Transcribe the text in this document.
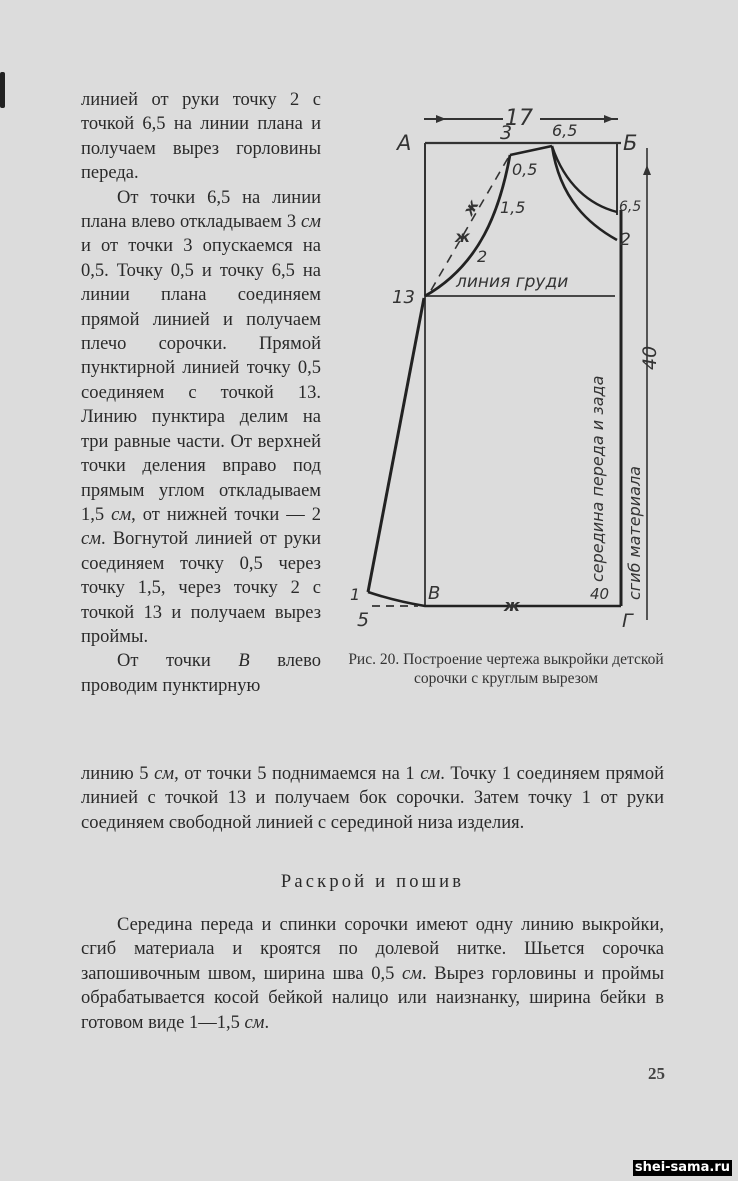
линией от руки точку 2 с точкой 6,5 на линии плана и получаем вырез горловины переда.

От точки 6,5 на линии плана влево откладываем 3 см и от точки 3 опускаемся на 0,5. Точку 0,5 и точку 6,5 на линии плана соединяем прямой линией и получаем плечо сорочки. Прямой пунктирной линией точку 0,5 соединяем с точкой 13. Линию пунктира делим на три равные части. От верхней точки деления вправо под прямым углом откладываем 1,5 см, от нижней точки — 2 см. Вогнутой линией от руки соединяем точку 0,5 через точку 1,5, через точку 2 с точкой 13 и получаем вырез проймы.

От точки В влево проводим пунктирную

линию 5 см, от точки 5 поднимаемся на 1 см. Точку 1 соединяем прямой линией с точкой 13 и получаем бок сорочки. Затем точку 1 от руки соединяем свободной линией с серединой низа изделия.

Раскрой и пошив

Середина переда и спинки сорочки имеют одну линию выкройки, сгиб материала и кроятся по долевой нитке. Шьется сорочка запошивочным швом, ширина шва 0,5 см. Вырез горловины и проймы обрабатывается косой бейкой налицо или наизнанку, ширина бейки в готовом виде 1—1,5 см.

17
40
А	Б
3 6,5
0,5
1,5
2
6,5
2
13
линия груди
ж
ж
середина переда и зада сгиб материала
40
В
Г
1
5
ж
Рис. 20. Построение чертежа выкройки детской сорочки с круглым вырезом
25
shei-sama.ru
